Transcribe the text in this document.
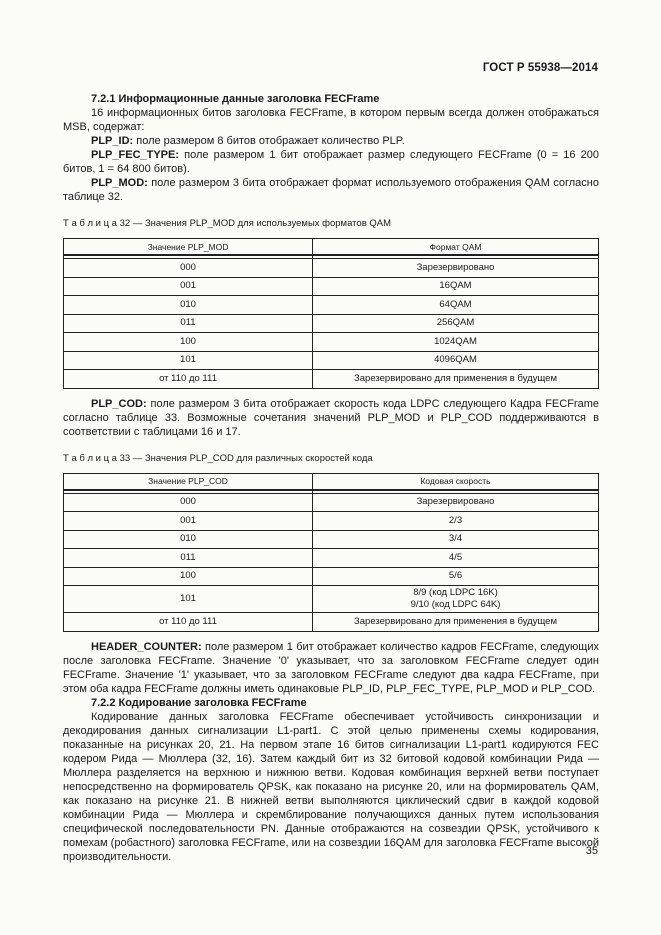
ГОСТ Р 55938—2014

7.2.1 Информационные данные заголовка FECFrame

16 информационных битов заголовка FECFrame, в котором первым всегда должен отображаться MSB, содержат:

PLP_ID: поле размером 8 битов отображает количество PLP.

PLP_FEC_TYPE: поле размером 1 бит отображает размер следующего FECFrame (0 = 16 200 битов, 1 = 64 800 битов).

PLP_MOD: поле размером 3 бита отображает формат используемого отображения QAM согласно таблице 32.

Т а б л и ц а 32 — Значения PLP_MOD для используемых форматов QAM
Значение PLP_MOD	Формат QAM

000	Зарезервировано
001	16QAM
010	64QAM
011	256QAM
100	1024QAM
101	4096QAM
от 110 до 111	Зарезервировано для применения в будущем

PLP_COD: поле размером 3 бита отображает скорость кода LDPC следующего Кадра FECFrame согласно таблице 33. Возможные сочетания значений PLP_MOD и PLP_COD поддерживаются в соответствии с таблицами 16 и 17.

Т а б л и ц а 33 — Значения PLP_COD для различных скоростей кода
Значение PLP_COD	Кодовая скорость

000	Зарезервировано
001	2/3
010	3/4
011	4/5
100	5/6
101	8/9 (код LDPC 16K)
9/10 (код LDPC 64K)

от 110 до 111	Зарезервировано для применения в будущем

HEADER_COUNTER: поле размером 1 бит отображает количество кадров FECFrame, следующих после заголовка FECFrame. Значение '0' указывает, что за заголовком FECFrame следует один FECFrame. Значение '1' указывает, что за заголовком FECFrame следуют два кадра FECFrame, при этом оба кадра FECFrame должны иметь одинаковые PLP_ID, PLP_FEC_TYPE, PLP_MOD и PLP_COD.

7.2.2 Кодирование заголовка FECFrame

Кодирование данных заголовка FECFrame обеспечивает устойчивость синхронизации и декодирования данных сигнализации L1-part1. С этой целью применены схемы кодирования, показанные на рисунках 20, 21. На первом этапе 16 битов сигнализации L1-part1 кодируются FEC кодером Рида — Мюллера (32, 16). Затем каждый бит из 32 битовой кодовой комбинации Рида — Мюллера разделяется на верхнюю и нижнюю ветви. Кодовая комбинация верхней ветви поступает непосредственно на формирователь QPSK, как показано на рисунке 20, или на формирователь QAM, как показано на рисунке 21. В нижней ветви выполняются циклический сдвиг в каждой кодовой комбинации Рида — Мюллера и скремблирование получающихся данных путем использования специфической последовательности PN. Данные отображаются на созвездии QPSK, устойчивого к помехам (робастного) заголовка FECFrame, или на созвездии 16QAM для заголовка FECFrame высокой производительности.	35
